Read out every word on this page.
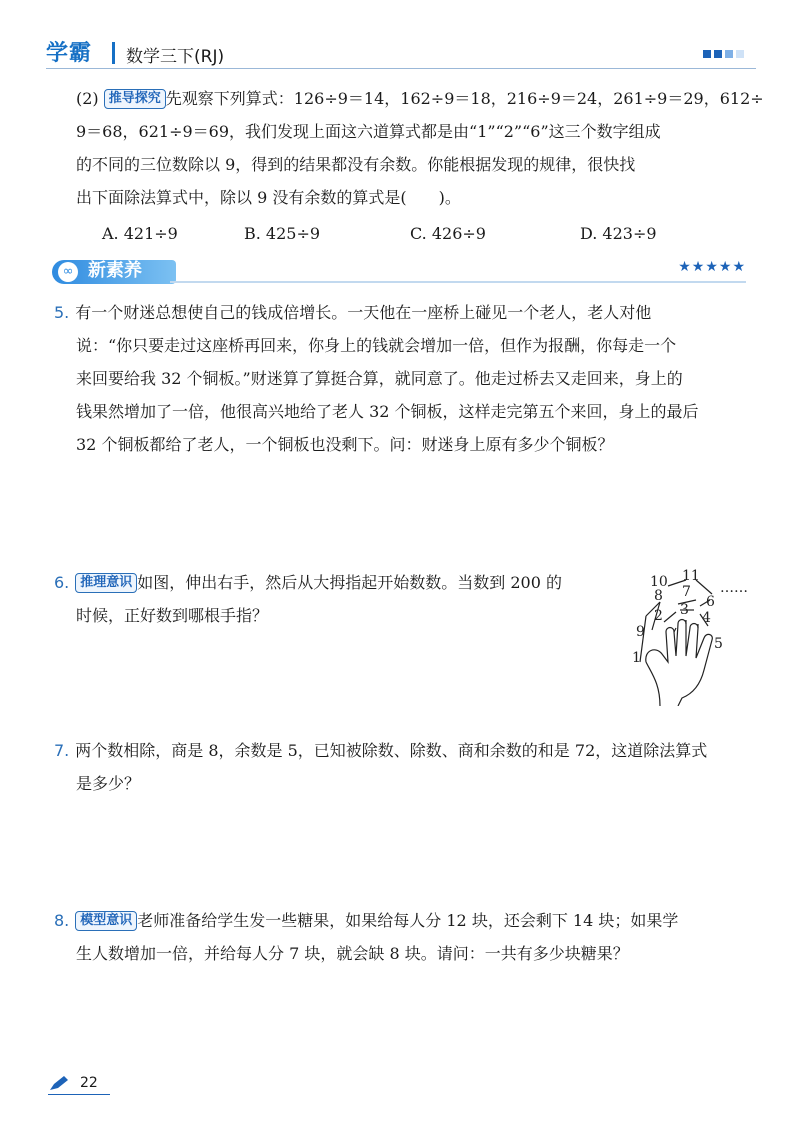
学霸 数学三下(RJ)
(2) 推导探究 先观察下列算式：126÷9＝14，162÷9＝18，216÷9＝24，261÷9＝29，612÷
9＝68，621÷9＝69，我们发现上面这六道算式都是由“1”“2”“6”这三个数字组成
的不同的三位数除以 9，得到的结果都没有余数。你能根据发现的规律，很快找
出下面除法算式中，除以 9 没有余数的算式是(　　)。
A. 421÷9	B. 425÷9	C. 426÷9	D. 423÷9
∞ 新素养	★★★★★
5. 有一个财迷总想使自己的钱成倍增长。一天他在一座桥上碰见一个老人，老人对他
说：“你只要走过这座桥再回来，你身上的钱就会增加一倍，但作为报酬，你每走一个
来回要给我 32 个铜板。”财迷算了算挺合算，就同意了。他走过桥去又走回来，身上的
钱果然增加了一倍，他很高兴地给了老人 32 个铜板，这样走完第五个来回，身上的最后
32 个铜板都给了老人，一个铜板也没剩下。问：财迷身上原有多少个铜板？
6. 推理意识 如图，伸出右手，然后从大拇指起开始数数。当数到 200 的
时候，正好数到哪根手指？
1
2 3 4
5
6
7
8
9
10 11
……
7. 两个数相除，商是 8，余数是 5，已知被除数、除数、商和余数的和是 72，这道除法算式
是多少？
8. 模型意识 老师准备给学生发一些糖果，如果给每人分 12 块，还会剩下 14 块；如果学
生人数增加一倍，并给每人分 7 块，就会缺 8 块。请问：一共有多少块糖果？
22
